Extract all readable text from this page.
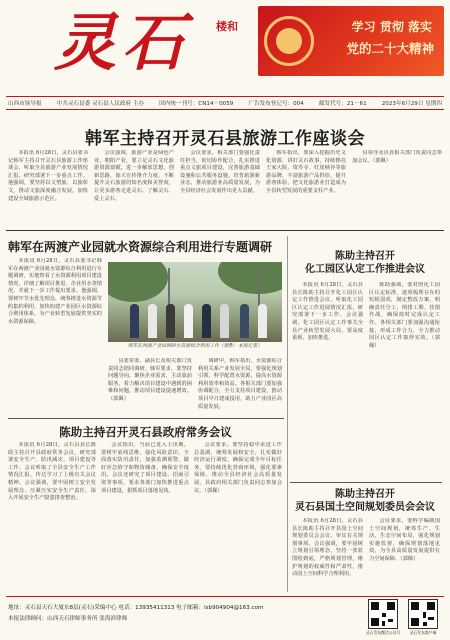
灵石 楼和	学习 贯彻 落实
党的二十大精神
山西市场导报	中共灵石县委 灵石县人民政府 主办	国内统一刊号：CN14－0059	广告发布登记号：004	邮发代号：21－61	2023年6月29日 星期四
韩军主持召开灵石县旅游工作座谈会

本报讯 6月28日，灵石县委书记韩军主持召开灵石县旅游工作座谈会，听取全县旅游产业发展情况汇报，研究部署下一步重点工作。他强调，要坚持以文塑旅、以旅彰文，推动文旅深度融合发展，加快建设全域旅游示范区。

会议强调，旅游产业是绿色产业、朝阳产业，要立足灵石文化旅游资源禀赋，进一步解放思想、创新思路，加大宣传推介力度，不断提升灵石旅游的知名度和美誉度，让更多游客走进灵石、了解灵石、爱上灵石。

会议要求，相关部门要强化责任担当，密切协作配合，扎实推进重点文旅项目建设，完善旅游基础设施和公共服务设施，培育旅游新业态，推动旅游业高质量发展，为全县经济社会发展作出更大贡献。

韩军指出，要深入挖掘历史文化资源，讲好灵石故事，持续擦亮王家大院、资寿寺、红崖峡谷等旅游品牌，丰富旅游产品供给，提升游客体验，把文化旅游业打造成为全县转型发展的重要支柱产业。

县领导及县直相关部门负责同志参加会议。（郭佩）

韩军在两渡产业园就水资源综合利用进行专题调研

本报讯 6月28日，灵石县委书记韩军在两渡产业园就水资源综合利用进行专题调研，实地察看了水资源利用项目建设情况，详细了解项目推进、企业用水等情况，并就下一步工作提出要求。他强调，要树牢节水优先理念，统筹推进水资源节约集约利用，加快构建产业园区水资源综合利用体系，为产业转型发展提供坚实的水资源保障。

韩军在两渡产业园调研水资源综合利用工作（摄影：本报记者）

县委常委、副县长及相关部门负责同志陪同调研。韩军要求，要坚持问题导向，聚焦企业需求，主动靠前服务，着力解决项目建设中遇到的困难和问题，推动项目建设提速增效。（郭佩）

调研中，韩军指出，水资源综合利用关系产业发展全局，要强化规划引领，科学配置水资源，提高水资源利用效率和效益。各相关部门要加强协调配合，全力支持项目建设，推动项目早日建成投用，助力产业园区高质量发展。

陈助主持召开灵石县政府常务会议

本报讯 6月28日，灵石县县长陈助主持召开县政府常务会议，研究部署安全生产、防汛减灾、项目建设等工作。会议听取了全县安全生产工作情况汇报，传达学习了上级有关会议精神。会议强调，要牢固树立安全发展理念，压紧压实安全生产责任，深入开展安全生产隐患排查整治。

会议指出，当前已进入主汛期，要树牢底线思维，强化风险意识，全面落实防汛责任，加强监测预警，做好应急值守和物资储备，确保安全度汛。会议还研究了项目建设、招商引资等事项，要求各部门加快推进重点项目建设，狠抓项目落地见效。

会议要求，要坚持稳中求进工作总基调，统筹发展和安全，扎实做好经济运行调度，确保完成全年目标任务。要持续优化营商环境，强化要素保障，推动全县经济社会高质量发展。县政府相关部门负责同志参加会议。（郭佩）

陈助主持召开
化工园区认定工作推进会议

本报讯 6月28日，灵石县县长陈助主持召开化工园区认定工作推进会议，听取化工园区认定工作进展情况汇报，研究部署下一步工作。会议强调，化工园区认定工作事关全县产业转型发展大局，要高度重视、加快推进。

陈助强调，要对照化工园区认定标准，逐项梳理存在的短板弱项，制定整改方案，明确责任分工，倒排工期、挂图作战，确保按时完成认定工作。各相关部门要加强沟通衔接，形成工作合力，全力推动园区认定工作取得实效。（郭佩）

陈助主持召开
灵石县国土空间规划委员会会议

本报讯 6月28日，灵石县县长陈助主持召开县国土空间规划委员会会议，审议有关规划事项。会议强调，要牢固树立规划引领理念，坚持一张蓝图绘到底，严格规划管理，维护规划的权威性和严肃性，推动国土空间科学合理利用。

会议要求，要科学编制国土空间规划，统筹生产、生活、生态空间布局，强化规划实施监督，确保规划落地见效，为全县高质量发展提供有力空间保障。（郭佩）

地址：灵石县天石大厦东8层(灵石)采编中心 电话：13935411313 电子邮箱：lsb904904@163.com
本报法律顾问：山西天石律师事务所 张海滨律师
灵石发布微信公众号	灵石发布客户端
